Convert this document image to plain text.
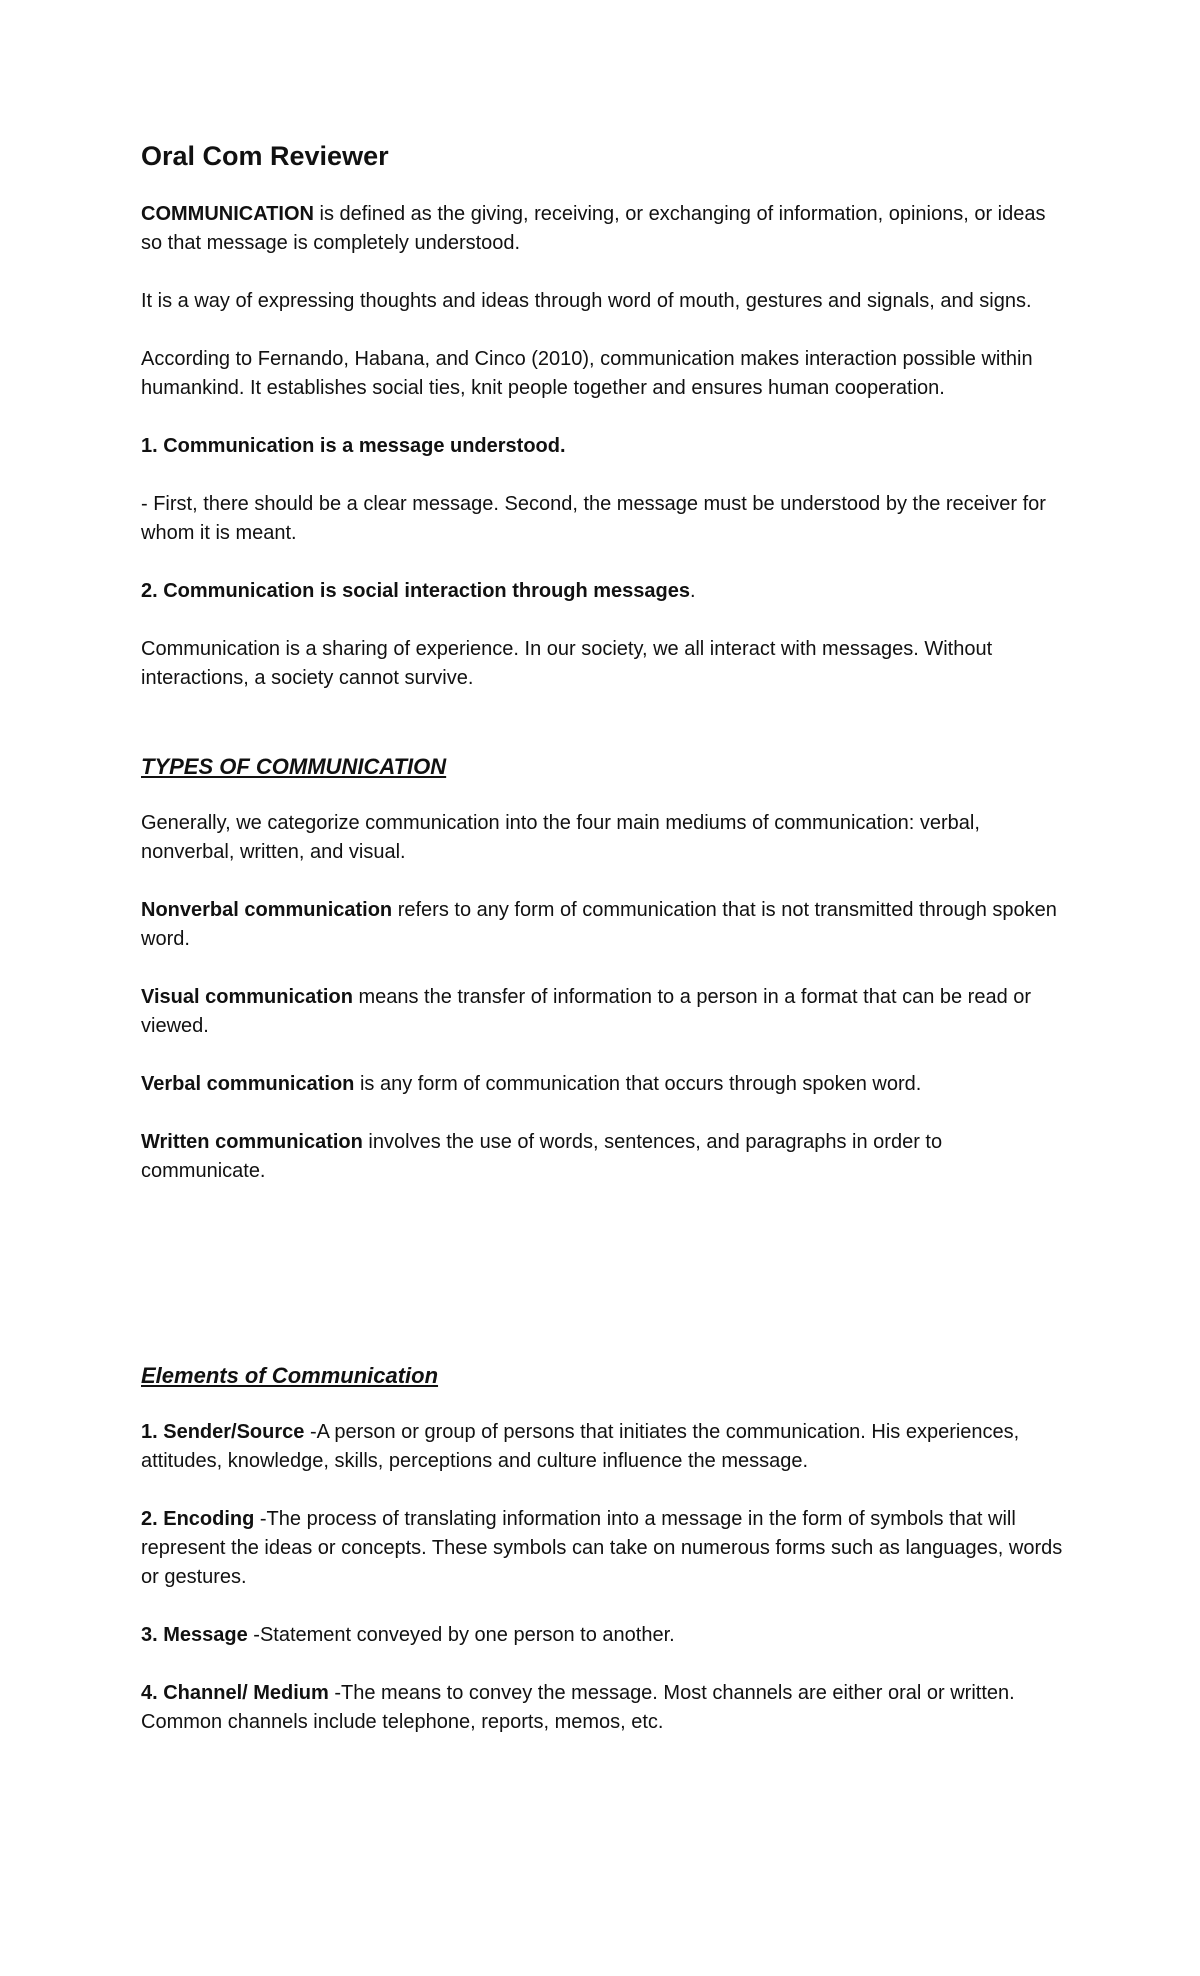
Oral Com Reviewer

COMMUNICATION is defined as the giving, receiving, or exchanging of information, opinions, or ideas so that message is completely understood.

It is a way of expressing thoughts and ideas through word of mouth, gestures and signals, and signs.

According to Fernando, Habana, and Cinco (2010), communication makes interaction possible within humankind. It establishes social ties, knit people together and ensures human cooperation.

1. Communication is a message understood.

- First, there should be a clear message. Second, the message must be understood by the receiver for whom it is meant.

2. Communication is social interaction through messages.

Communication is a sharing of experience. In our society, we all interact with messages. Without interactions, a society cannot survive.

TYPES OF COMMUNICATION

Generally, we categorize communication into the four main mediums of communication: verbal, nonverbal, written, and visual.

Nonverbal communication refers to any form of communication that is not transmitted through spoken word.

Visual communication means the transfer of information to a person in a format that can be read or viewed.

Verbal communication is any form of communication that occurs through spoken word.

Written communication involves the use of words, sentences, and paragraphs in order to communicate.

Elements of Communication

1. Sender/Source -A person or group of persons that initiates the communication. His experiences, attitudes, knowledge, skills, perceptions and culture influence the message.

2. Encoding -The process of translating information into a message in the form of symbols that will represent the ideas or concepts. These symbols can take on numerous forms such as languages, words or gestures.

3. Message -Statement conveyed by one person to another.

4. Channel/ Medium -The means to convey the message. Most channels are either oral or written. Common channels include telephone, reports, memos, etc.
